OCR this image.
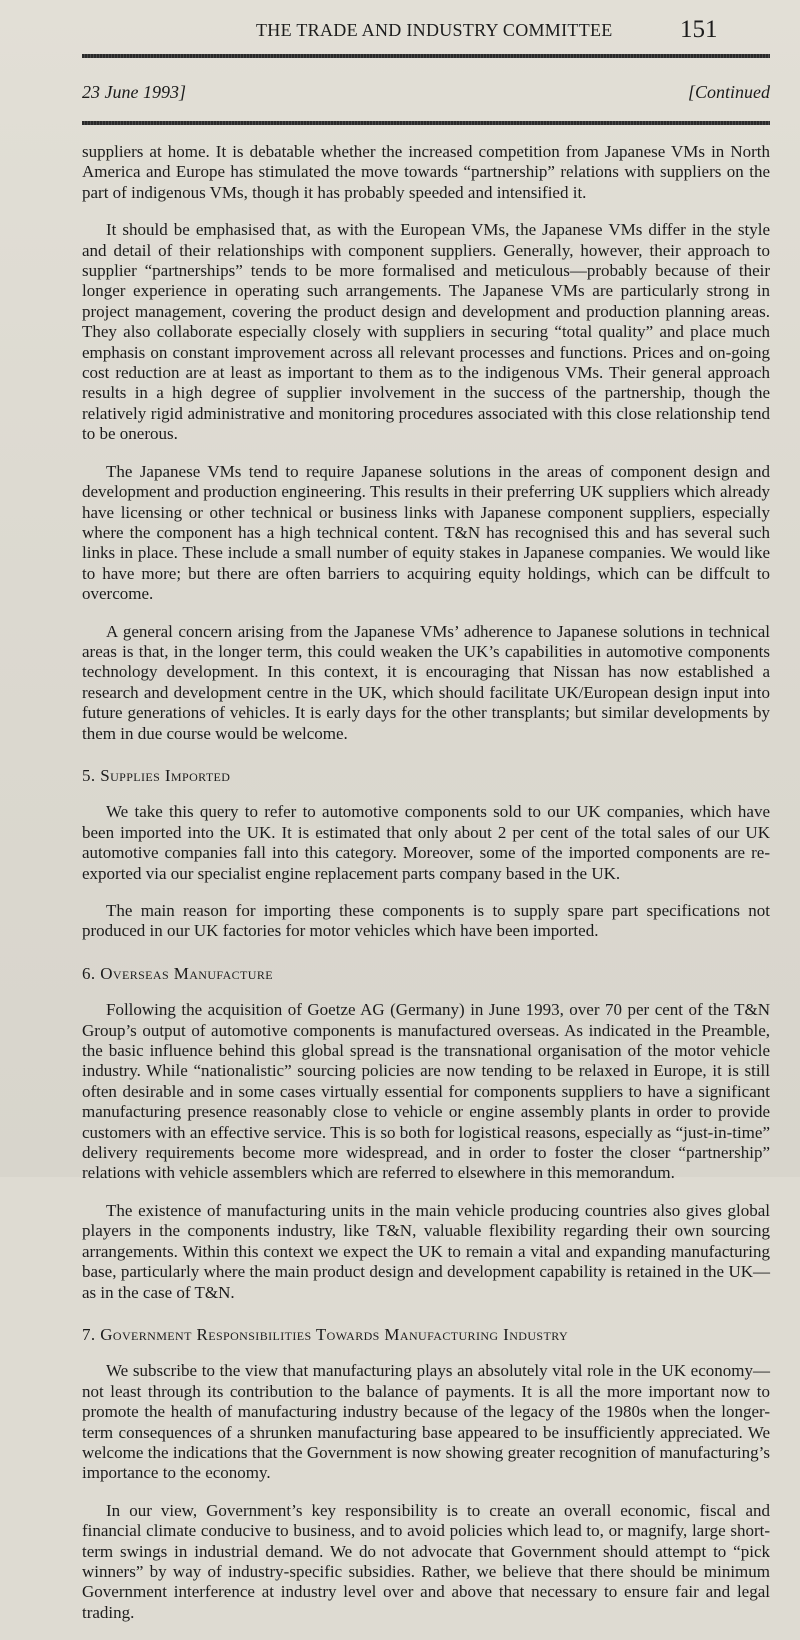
THE TRADE AND INDUSTRY COMMITTEE	151
23 June 1993]	[Continued

suppliers at home. It is debatable whether the increased competition from Japanese VMs in North America and Europe has stimulated the move towards “partnership” relations with suppliers on the part of indigenous VMs, though it has probably speeded and intensified it.

It should be emphasised that, as with the European VMs, the Japanese VMs differ in the style and detail of their relationships with component suppliers. Generally, however, their approach to supplier “partnerships” tends to be more formalised and meticulous—probably because of their longer experience in operating such arrangements. The Japanese VMs are particularly strong in project management, covering the product design and development and production planning areas. They also collaborate especially closely with suppliers in securing “total quality” and place much emphasis on constant improvement across all relevant processes and functions. Prices and on-going cost reduction are at least as important to them as to the indigenous VMs. Their general approach results in a high degree of supplier involvement in the success of the partnership, though the relatively rigid administrative and monitoring procedures associated with this close relationship tend to be onerous.

The Japanese VMs tend to require Japanese solutions in the areas of component design and development and production engineering. This results in their preferring UK suppliers which already have licensing or other technical or business links with Japanese component suppliers, especially where the component has a high technical content. T&N has recognised this and has several such links in place. These include a small number of equity stakes in Japanese companies. We would like to have more; but there are often barriers to acquiring equity holdings, which can be diffcult to overcome.

A general concern arising from the Japanese VMs’ adherence to Japanese solutions in technical areas is that, in the longer term, this could weaken the UK’s capabilities in automotive components technology development. In this context, it is encouraging that Nissan has now established a research and development centre in the UK, which should facilitate UK/European design input into future generations of vehicles. It is early days for the other transplants; but similar developments by them in due course would be welcome.

5. Supplies Imported

We take this query to refer to automotive components sold to our UK companies, which have been imported into the UK. It is estimated that only about 2 per cent of the total sales of our UK automotive companies fall into this category. Moreover, some of the imported components are re-exported via our specialist engine replacement parts company based in the UK.

The main reason for importing these components is to supply spare part specifications not produced in our UK factories for motor vehicles which have been imported.

6. Overseas Manufacture

Following the acquisition of Goetze AG (Germany) in June 1993, over 70 per cent of the T&N Group’s output of automotive components is manufactured overseas. As indicated in the Preamble, the basic influence behind this global spread is the transnational organisation of the motor vehicle industry. While “nationalistic” sourcing policies are now tending to be relaxed in Europe, it is still often desirable and in some cases virtually essential for components suppliers to have a significant manufacturing presence reasonably close to vehicle or engine assembly plants in order to provide customers with an effective service. This is so both for logistical reasons, especially as “just-in-time” delivery requirements become more widespread, and in order to foster the closer “partnership” relations with vehicle assemblers which are referred to elsewhere in this memorandum.

The existence of manufacturing units in the main vehicle producing countries also gives global players in the components industry, like T&N, valuable flexibility regarding their own sourcing arrangements. Within this context we expect the UK to remain a vital and expanding manufacturing base, particularly where the main product design and development capability is retained in the UK—as in the case of T&N.

7. Government Responsibilities Towards Manufacturing Industry

We subscribe to the view that manufacturing plays an absolutely vital role in the UK economy—not least through its contribution to the balance of payments. It is all the more important now to promote the health of manufacturing industry because of the legacy of the 1980s when the longer-term consequences of a shrunken manufacturing base appeared to be insufficiently appreciated. We welcome the indications that the Government is now showing greater recognition of manufacturing’s importance to the economy.

In our view, Government’s key responsibility is to create an overall economic, fiscal and financial climate conducive to business, and to avoid policies which lead to, or magnify, large short-term swings in industrial demand. We do not advocate that Government should attempt to “pick winners” by way of industry-specific subsidies. Rather, we believe that there should be minimum Government interference at industry level over and above that necessary to ensure fair and legal trading.
